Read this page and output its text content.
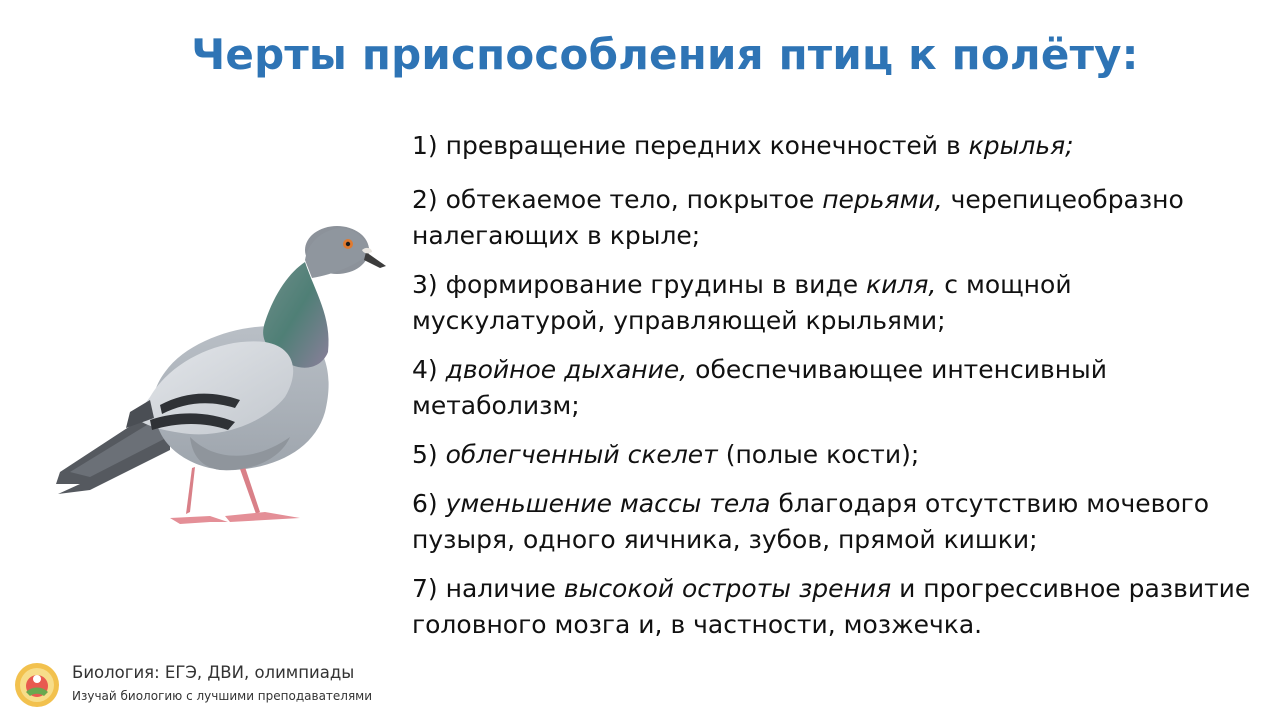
Черты приспособления птиц к полёту:
1) превращение передних конечностей в крылья;
2) обтекаемое тело, покрытое перьями, черепицеобразно налегающих в крыле;
3) формирование грудины в виде киля, с мощной мускулатурой, управляющей крыльями;
4) двойное дыхание, обеспечивающее интенсивный метаболизм;
5) облегченный скелет (полые кости);
6) уменьшение массы тела благодаря отсутствию мочевого пузыря, одного яичника, зубов, прямой кишки;
7) наличие высокой остроты зрения и прогрессивное развитие головного мозга и, в частности, мозжечка.
Биология: ЕГЭ, ДВИ, олимпиады
Изучай биологию с лучшими преподавателями
